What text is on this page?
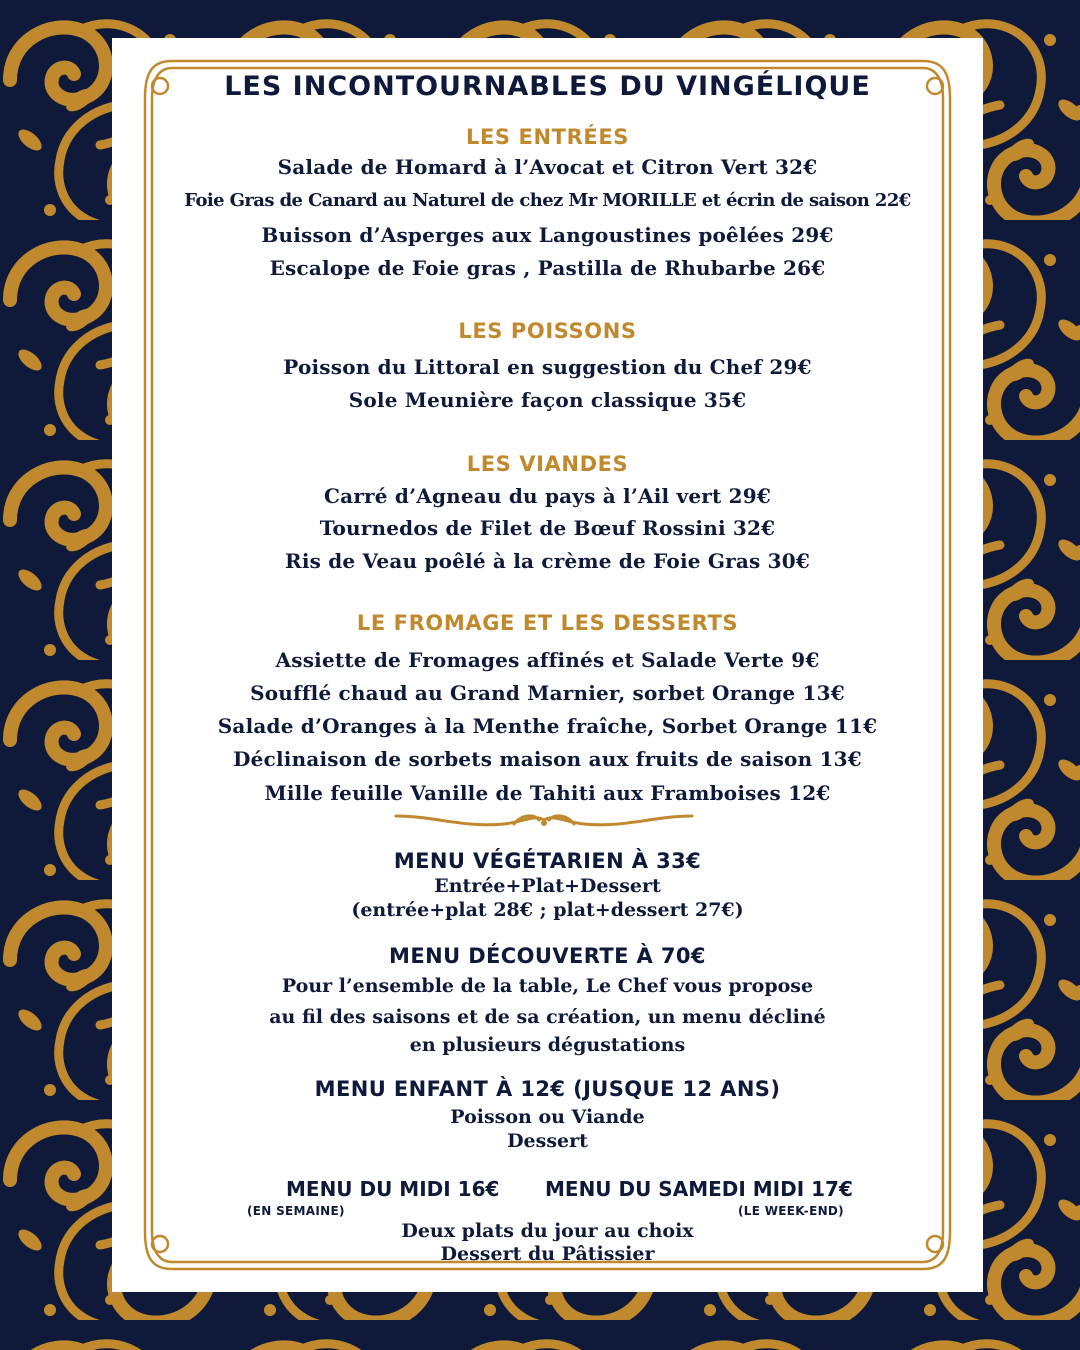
LES INCONTOURNABLES DU VINGÉLIQUE
LES ENTRÉES
Salade de Homard à l’Avocat et Citron Vert 32€
Foie Gras de Canard au Naturel de chez Mr MORILLE et écrin de saison 22€
Buisson d’Asperges aux Langoustines poêlées 29€
Escalope de Foie gras , Pastilla de Rhubarbe 26€
LES POISSONS
Poisson du Littoral en suggestion du Chef 29€
Sole Meunière façon classique 35€
LES VIANDES
Carré d’Agneau du pays à l’Ail vert 29€
Tournedos de Filet de Bœuf Rossini 32€
Ris de Veau poêlé à la crème de Foie Gras 30€
LE FROMAGE ET LES DESSERTS
Assiette de Fromages affinés et Salade Verte 9€
Soufflé chaud au Grand Marnier, sorbet Orange 13€
Salade d’Oranges à la Menthe fraîche, Sorbet Orange 11€
Déclinaison de sorbets maison aux fruits de saison 13€
Mille feuille Vanille de Tahiti aux Framboises 12€
MENU VÉGÉTARIEN À 33€
Entrée+Plat+Dessert
(entrée+plat 28€ ; plat+dessert 27€)
MENU DÉCOUVERTE À 70€
Pour l’ensemble de la table, Le Chef vous propose
au fil des saisons et de sa création, un menu décliné
en plusieurs dégustations
MENU ENFANT À 12€ (JUSQUE 12 ANS)
Poisson ou Viande
Dessert
MENU DU MIDI 16€
(EN SEMAINE)
MENU DU SAMEDI MIDI 17€
(LE WEEK-END)
Deux plats du jour au choix
Dessert du Pâtissier
